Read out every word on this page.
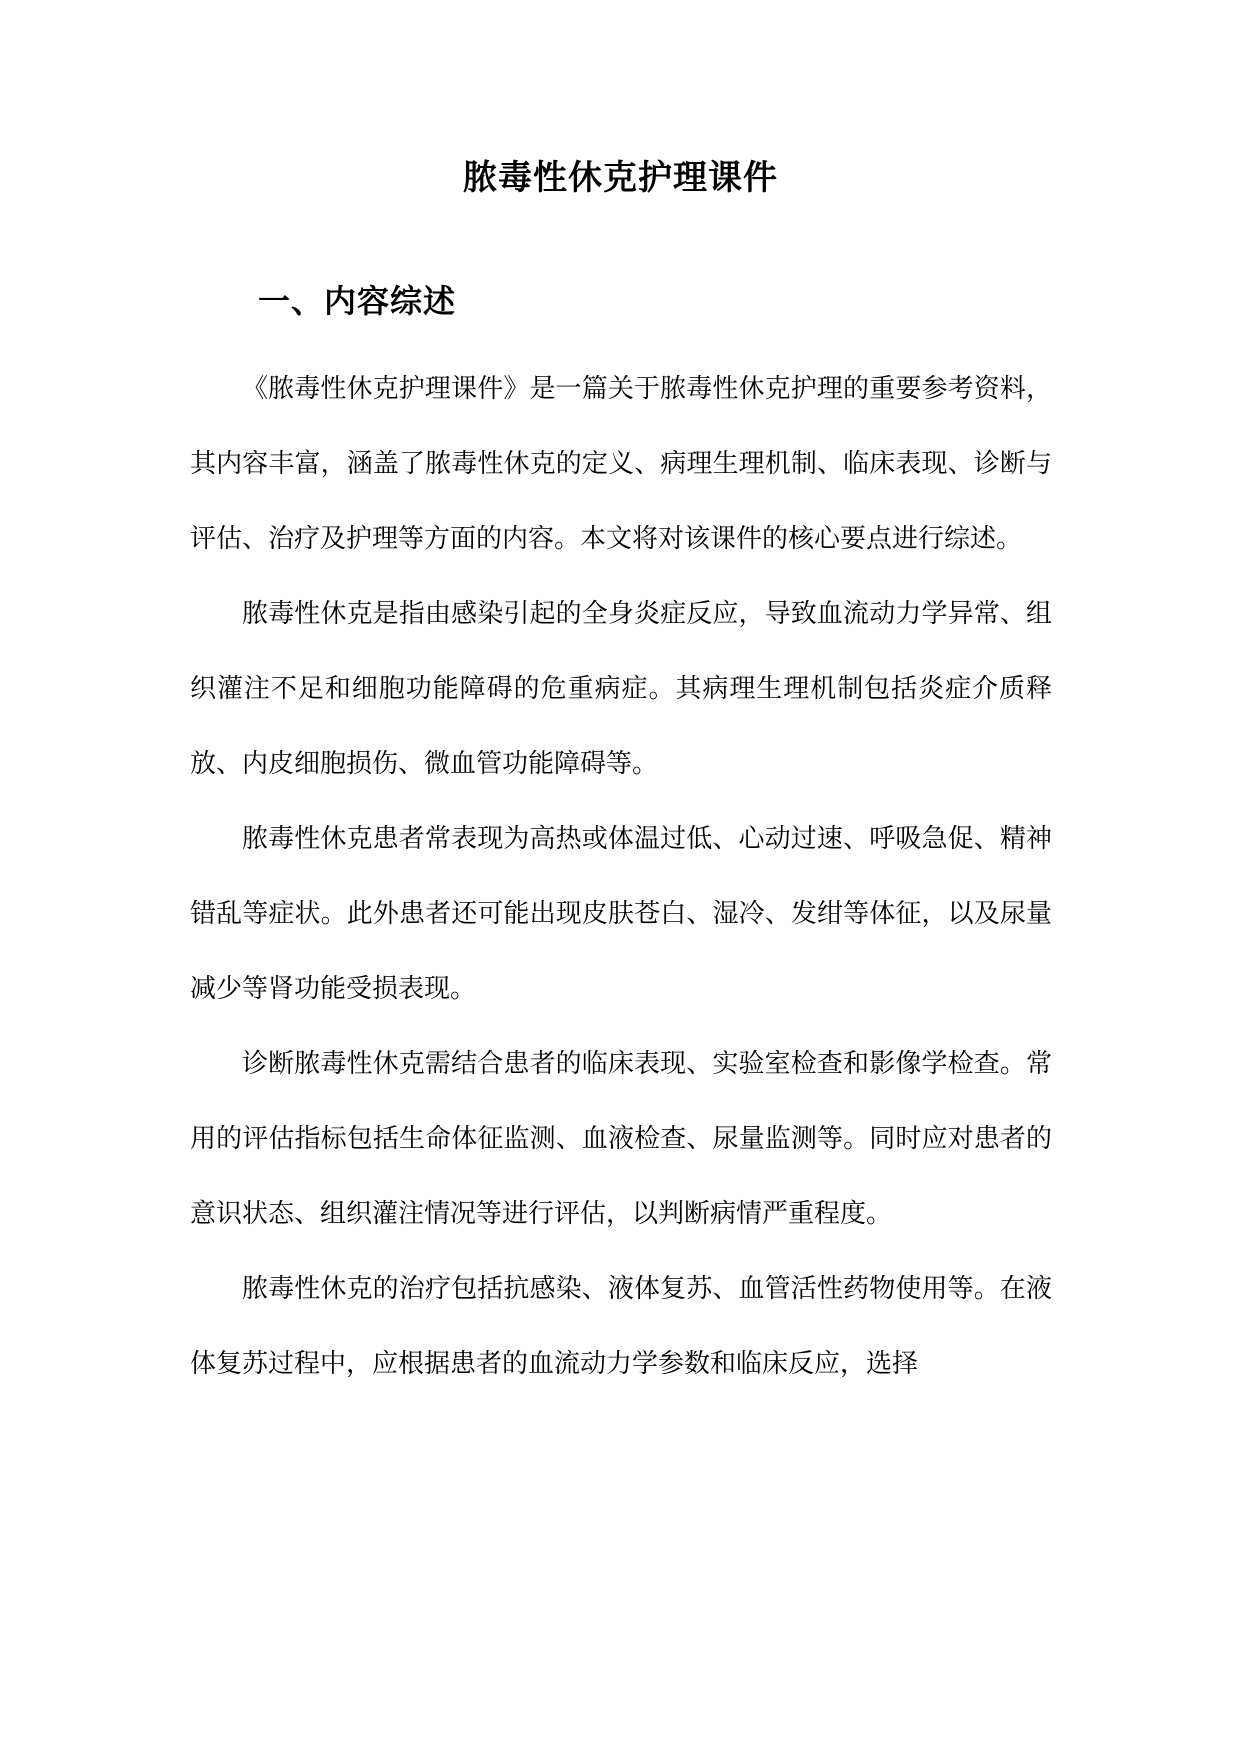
脓毒性休克护理课件
一、内容综述

《脓毒性休克护理课件》是一篇关于脓毒性休克护理的重要参考资料，其内容丰富，涵盖了脓毒性休克的定义、病理生理机制、临床表现、诊断与评估、治疗及护理等方面的内容。本文将对该课件的核心要点进行综述。

脓毒性休克是指由感染引起的全身炎症反应，导致血流动力学异常、组织灌注不足和细胞功能障碍的危重病症。其病理生理机制包括炎症介质释放、内皮细胞损伤、微血管功能障碍等。

脓毒性休克患者常表现为高热或体温过低、心动过速、呼吸急促、精神错乱等症状。此外患者还可能出现皮肤苍白、湿冷、发绀等体征，以及尿量减少等肾功能受损表现。

诊断脓毒性休克需结合患者的临床表现、实验室检查和影像学检查。常用的评估指标包括生命体征监测、血液检查、尿量监测等。同时应对患者的意识状态、组织灌注情况等进行评估，以判断病情严重程度。

脓毒性休克的治疗包括抗感染、液体复苏、血管活性药物使用等。在液体复苏过程中，应根据患者的血流动力学参数和临床反应，选择
